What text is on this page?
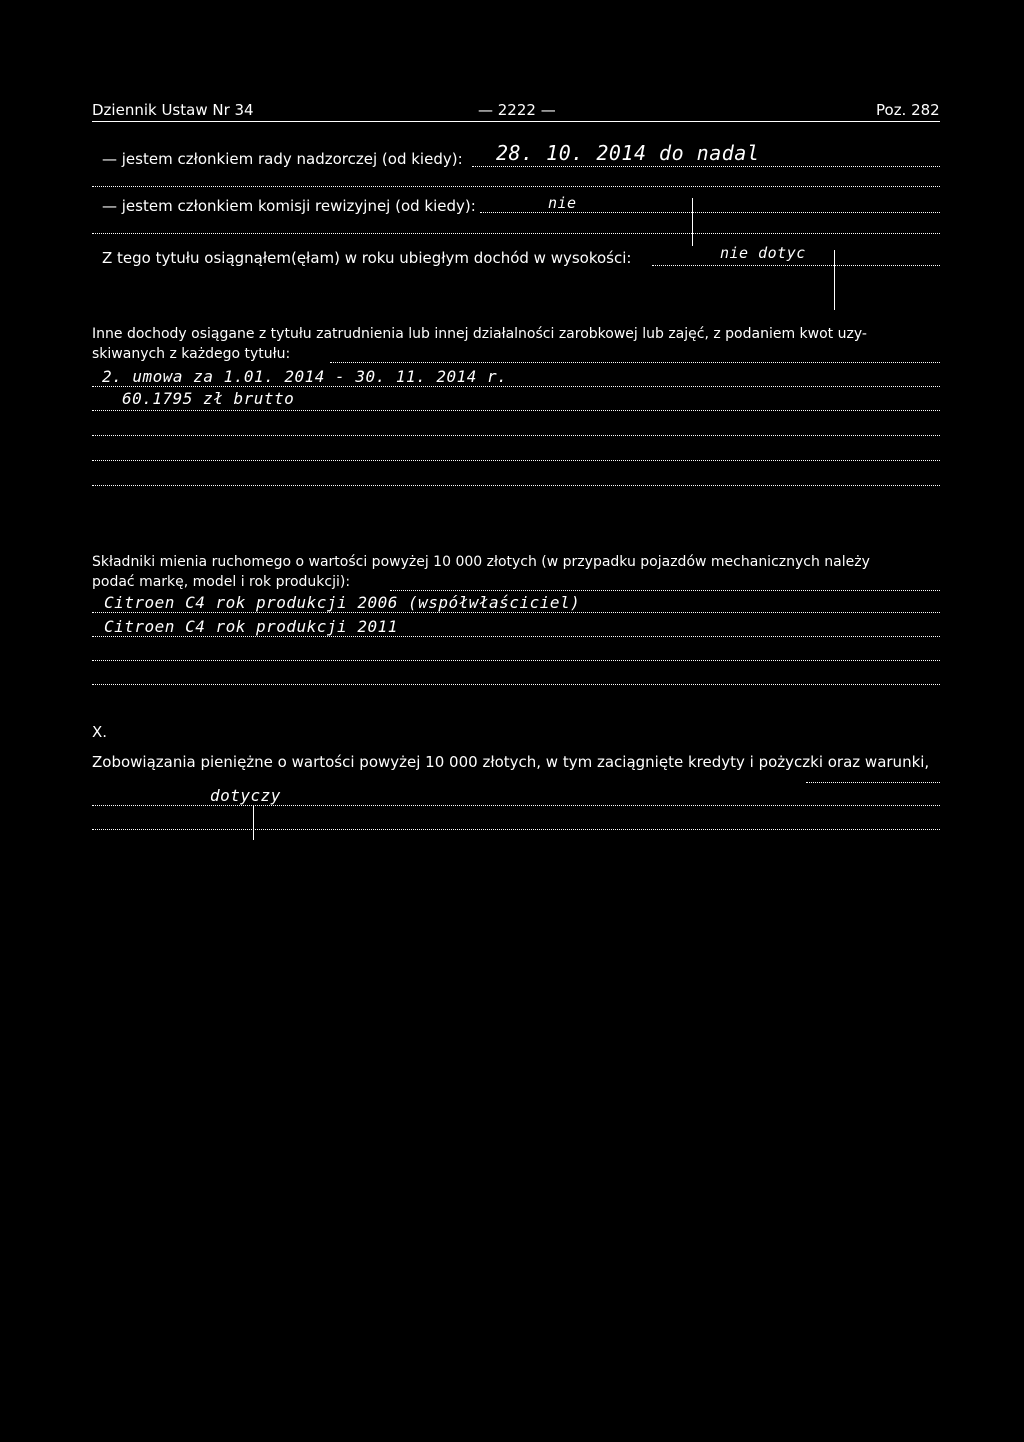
Dziennik Ustaw Nr 34	— 2222 —	Poz. 282
— jestem członkiem rady nadzorczej (od kiedy): 28. 10. 2014 do nadal
— jestem członkiem komisji rewizyjnej (od kiedy):	nie
Z tego tytułu osiągnąłem(ęłam) w roku ubiegłym dochód w wysokości:	nie dotyc
Inne dochody osiągane z tytułu zatrudnienia lub innej działalności zarobkowej lub zajęć, z podaniem kwot uzy-
skiwanych z każdego tytułu:
2. umowa za 1.01. 2014 - 30. 11. 2014 r.
60.1795 zł brutto
Składniki mienia ruchomego o wartości powyżej 10 000 złotych (w przypadku pojazdów mechanicznych należy
podać markę, model i rok produkcji):
Citroen C4 rok produkcji 2006 (współwłaściciel)
Citroen C4 rok produkcji 2011
X.
Zobowiązania pieniężne o wartości powyżej 10 000 złotych, w tym zaciągnięte kredyty i pożyczki oraz warunki,
dotyczy
